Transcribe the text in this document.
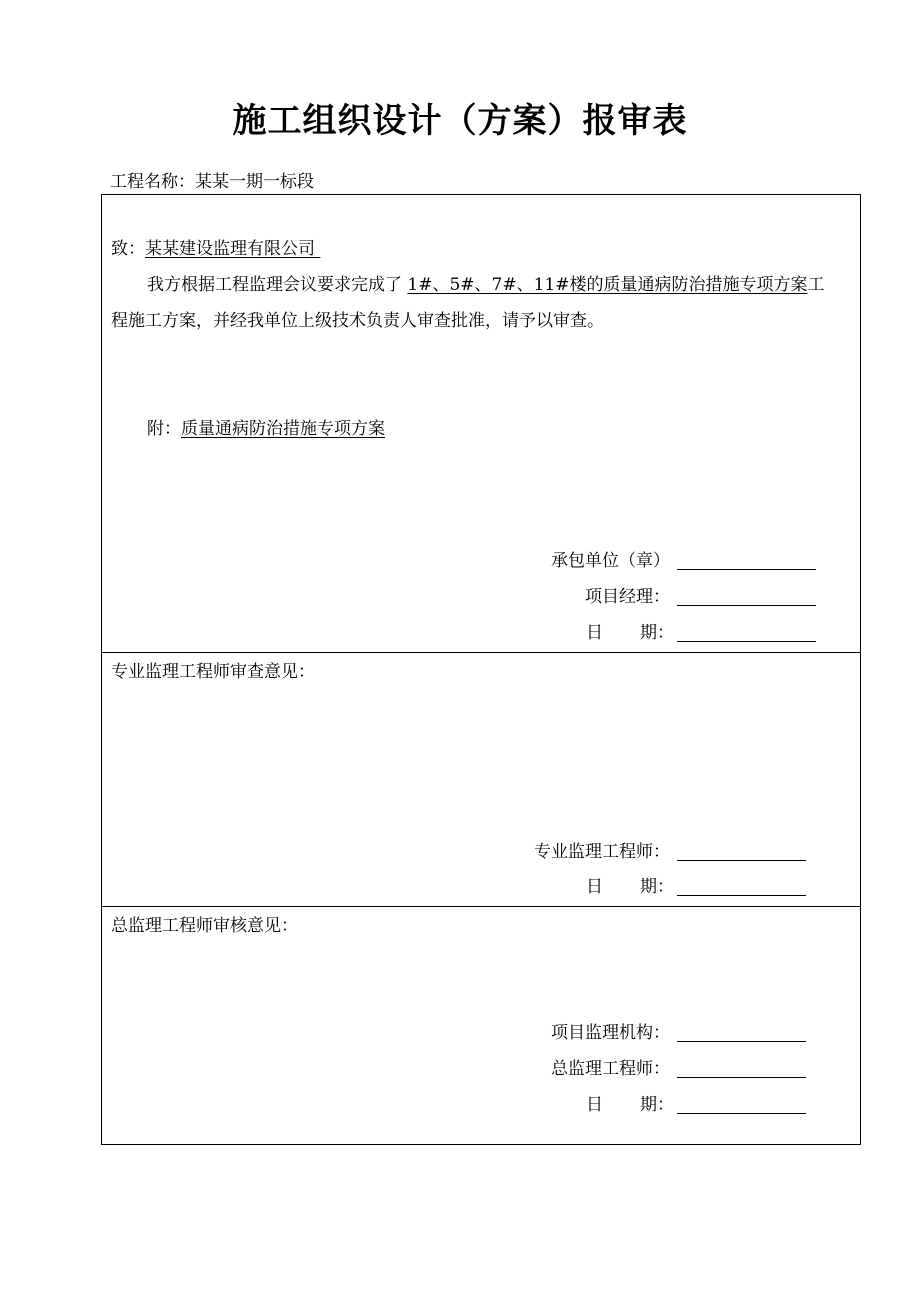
施工组织设计（方案）报审表
工程名称：某某一期一标段
致：某某建设监理有限公司
我方根据工程监理会议要求完成了 1#、5#、7#、11#楼的质量通病防治措施专项方案工
程施工方案，并经我单位上级技术负责人审查批准，请予以审查。
附：质量通病防治措施专项方案
承包单位（章）
项目经理：
日 期：
专业监理工程师审查意见：
专业监理工程师：
日 期：
总监理工程师审核意见：
项目监理机构：
总监理工程师：
日 期：
